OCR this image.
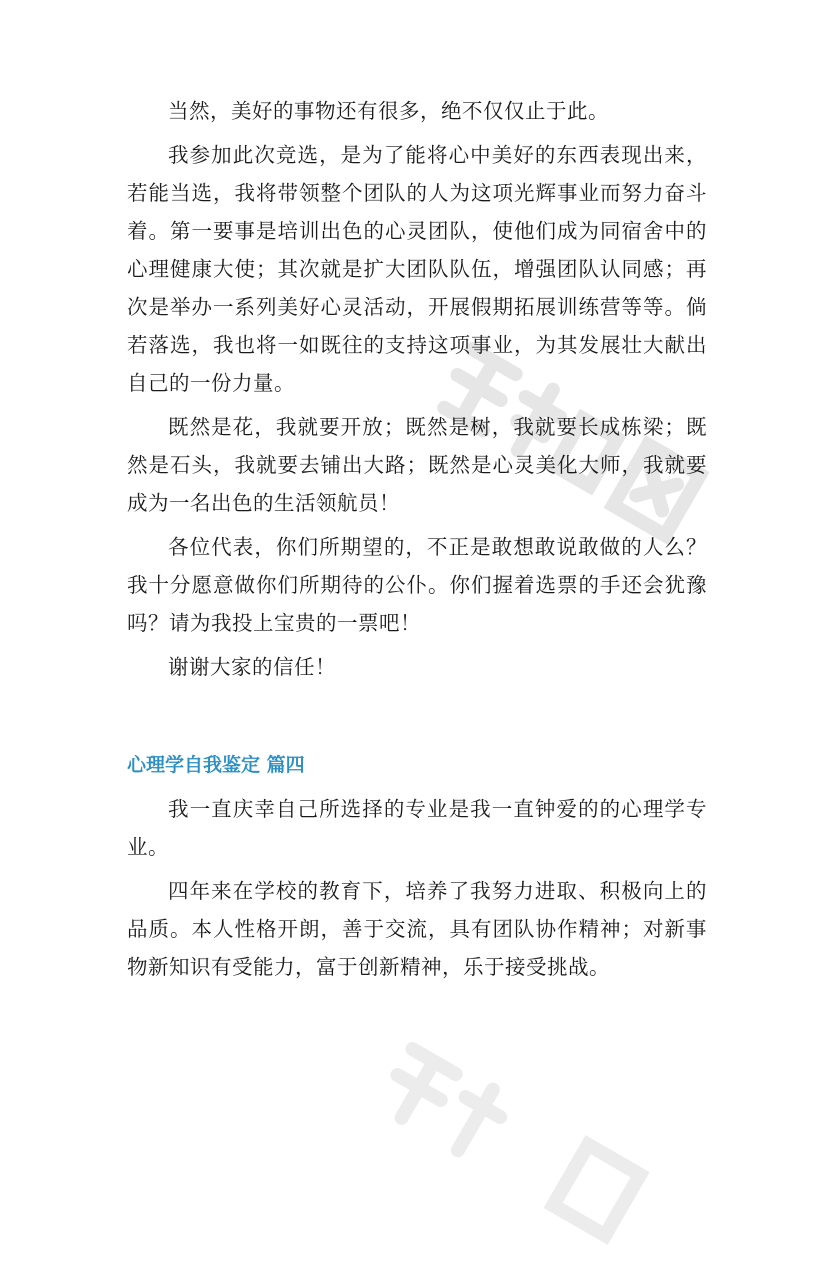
当然，美好的事物还有很多，绝不仅仅止于此。

我参加此次竞选，是为了能将心中美好的东西表现出来，若能当选，我将带领整个团队的人为这项光辉事业而努力奋斗着。第一要事是培训出色的心灵团队，使他们成为同宿舍中的心理健康大使；其次就是扩大团队队伍，增强团队认同感；再次是举办一系列美好心灵活动，开展假期拓展训练营等等。倘若落选，我也将一如既往的支持这项事业，为其发展壮大献出自己的一份力量。

既然是花，我就要开放；既然是树，我就要长成栋梁；既然是石头，我就要去铺出大路；既然是心灵美化大师，我就要成为一名出色的生活领航员！

各位代表，你们所期望的，不正是敢想敢说敢做的人么？我十分愿意做你们所期待的公仆。你们握着选票的手还会犹豫吗？请为我投上宝贵的一票吧！

谢谢大家的信任！

心理学自我鉴定 篇四

我一直庆幸自己所选择的专业是我一直钟爱的的心理学专业。

四年来在学校的教育下，培养了我努力进取、积极向上的品质。本人性格开朗，善于交流，具有团队协作精神；对新事物新知识有受能力，富于创新精神，乐于接受挑战。
